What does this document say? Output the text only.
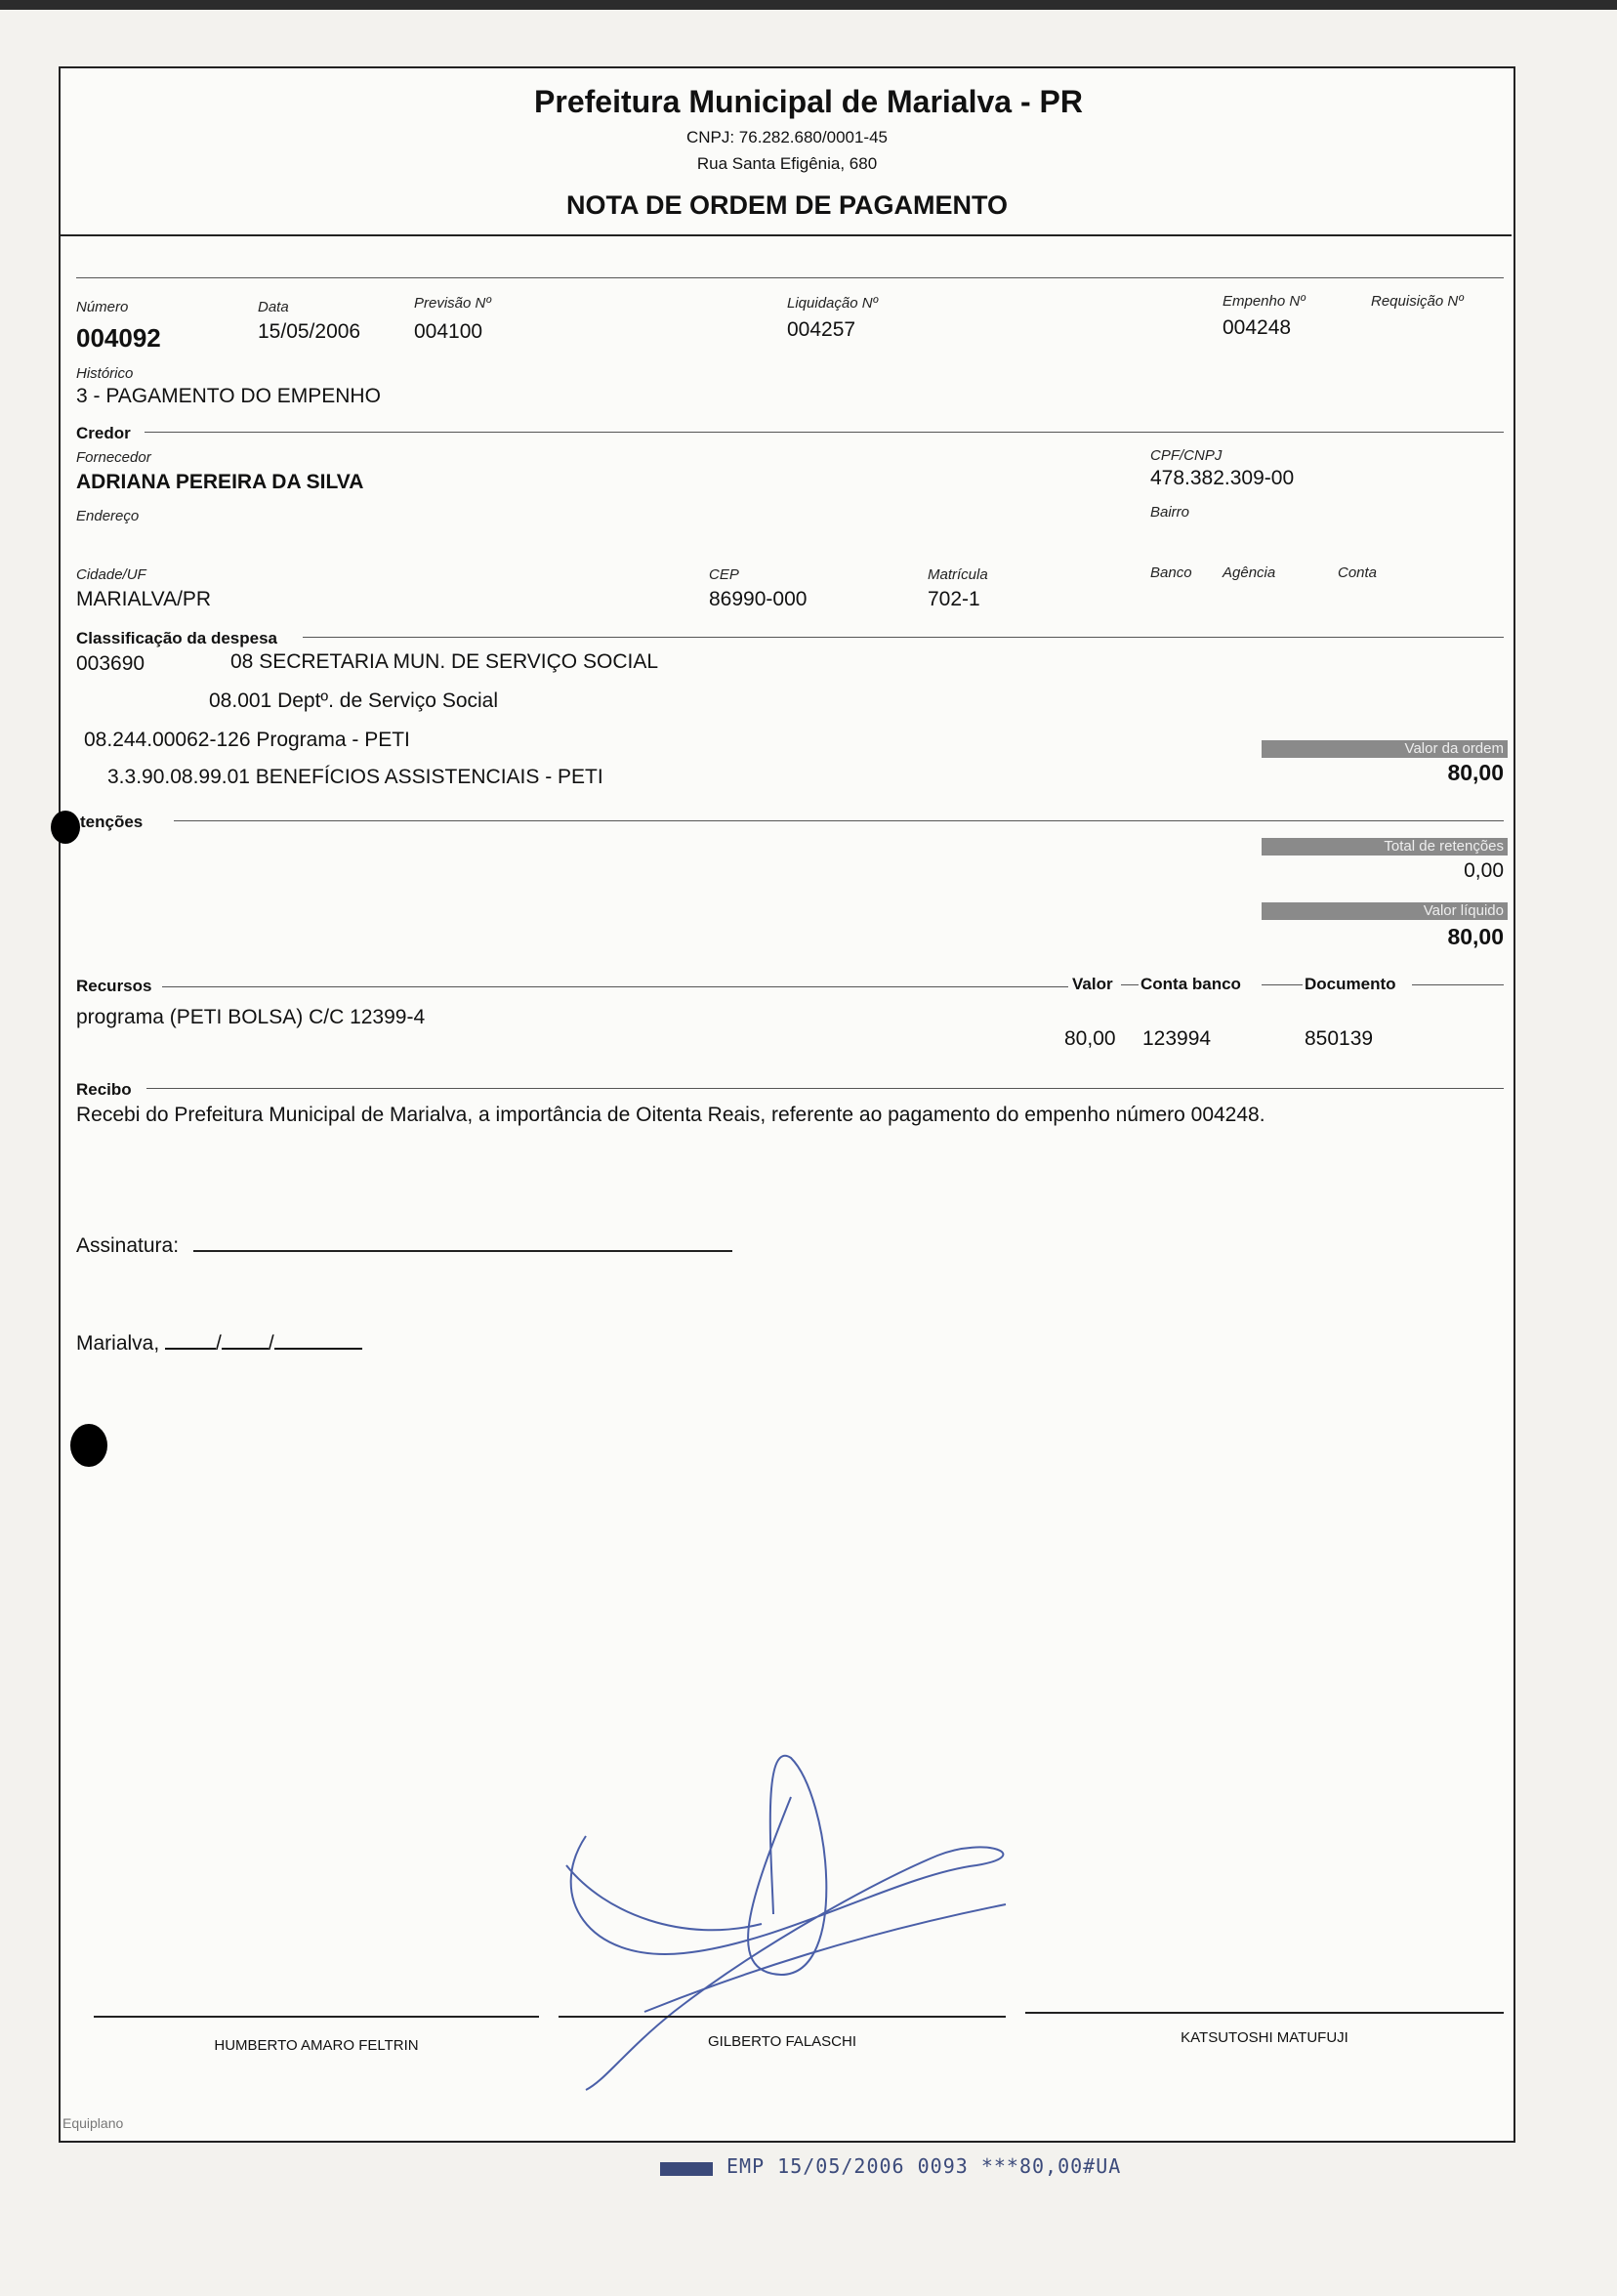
Prefeitura Municipal de Marialva - PR
CNPJ: 76.282.680/0001-45
Rua Santa Efigênia, 680
NOTA DE ORDEM DE PAGAMENTO
Número
004092
Data
15/05/2006
Previsão Nº
004100
Liquidação Nº
004257
Empenho Nº
004248
Requisição Nº
Histórico
3 - PAGAMENTO DO EMPENHO
Credor
Fornecedor
ADRIANA PEREIRA DA SILVA
CPF/CNPJ
478.382.309-00
Endereço	Bairro
Cidade/UF
MARIALVA/PR
CEP
86990-000
Matrícula
702-1
Banco Agência	Conta
Classificação da despesa
003690	08 SECRETARIA MUN. DE SERVIÇO SOCIAL
08.001 Deptº. de Serviço Social
08.244.00062-126 Programa - PETI
3.3.90.08.99.01 BENEFÍCIOS ASSISTENCIAIS - PETI
Valor da ordem
80,00
tenções
Total de retenções
0,00
Valor líquido
80,00
Recursos	Valor Conta banco	Documento
programa (PETI BOLSA) C/C 12399-4
80,00 123994	850139
Recibo
Recebi do Prefeitura Municipal de Marialva, a importância de Oitenta Reais, referente ao pagamento do empenho número 004248.
Assinatura:
Marialva,	/ /
HUMBERTO AMARO FELTRIN	GILBERTO FALASCHI	KATSUTOSHI MATUFUJI
Equiplano
EMP 15/05/2006 0093 ***80,00#UA
